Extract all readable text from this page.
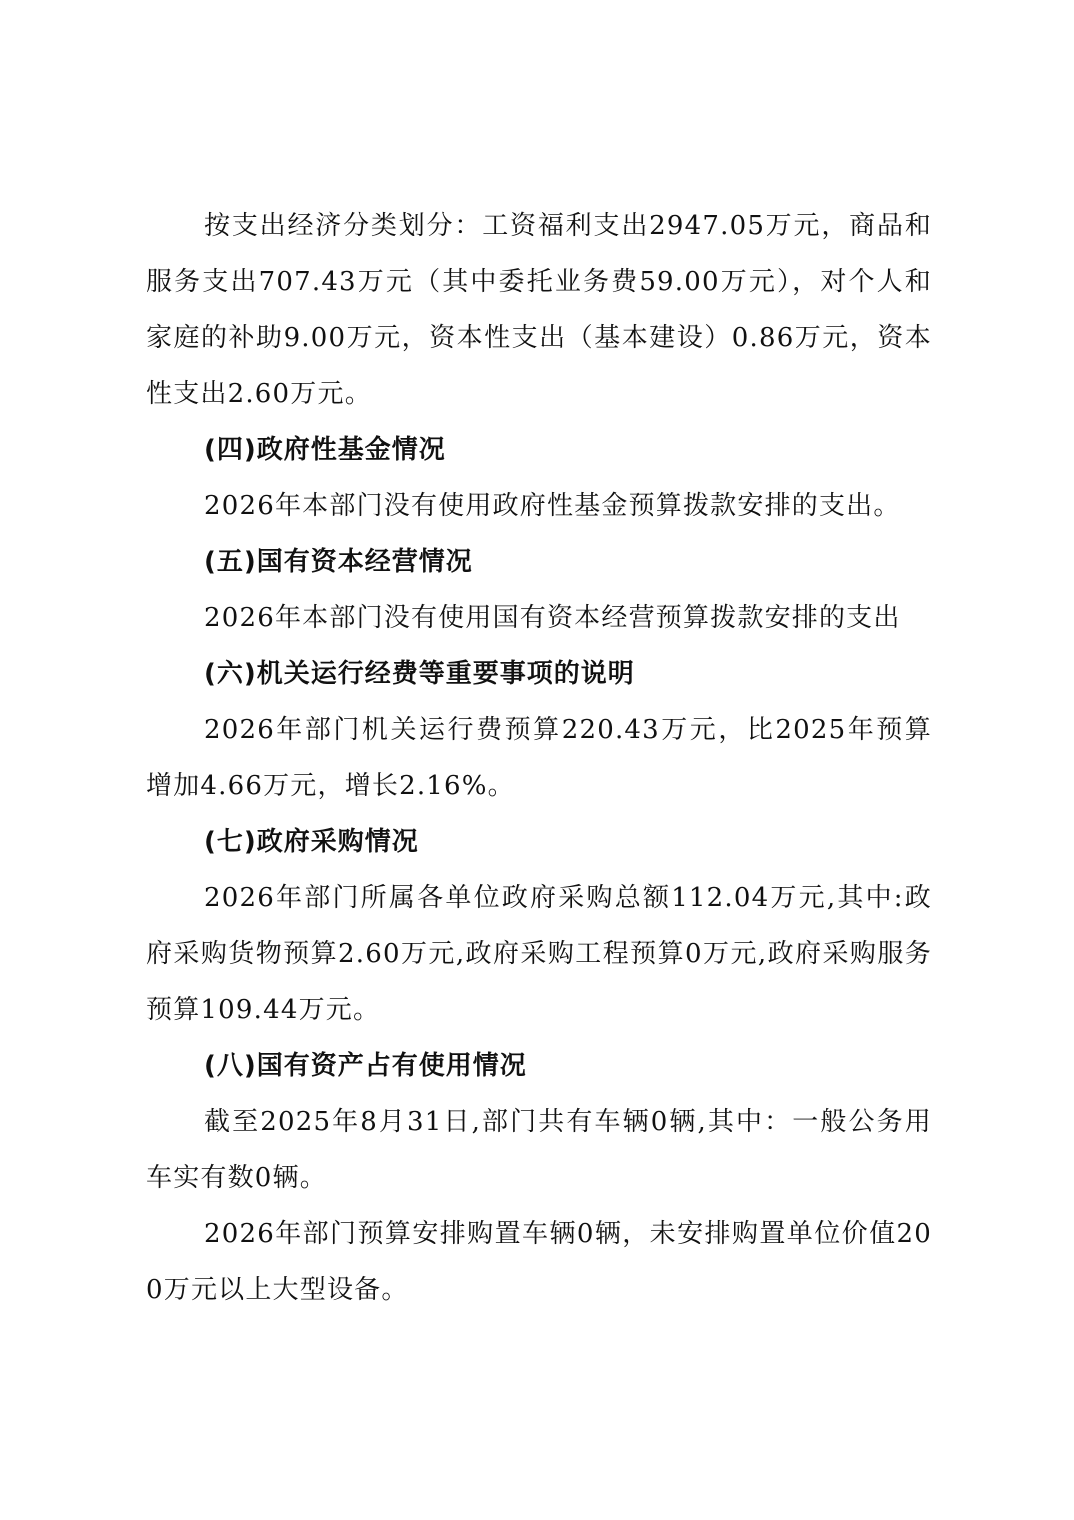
按支出经济分类划分：工资福利支出2947.05万元，商品和服务支出707.43万元（其中委托业务费59.00万元），对个人和家庭的补助9.00万元，资本性支出（基本建设）0.86万元，资本性支出2.60万元。

(四)政府性基金情况

2026年本部门没有使用政府性基金预算拨款安排的支出。

(五)国有资本经营情况

2026年本部门没有使用国有资本经营预算拨款安排的支出

(六)机关运行经费等重要事项的说明

2026年部门机关运行费预算220.43万元，比2025年预算增加4.66万元，增长2.16%。

(七)政府采购情况

2026年部门所属各单位政府采购总额112.04万元,其中:政府采购货物预算2.60万元,政府采购工程预算0万元,政府采购服务预算109.44万元。

(八)国有资产占有使用情况

截至2025年8月31日,部门共有车辆0辆,其中：一般公务用车实有数0辆。

2026年部门预算安排购置车辆0辆，未安排购置单位价值200万元以上大型设备。
